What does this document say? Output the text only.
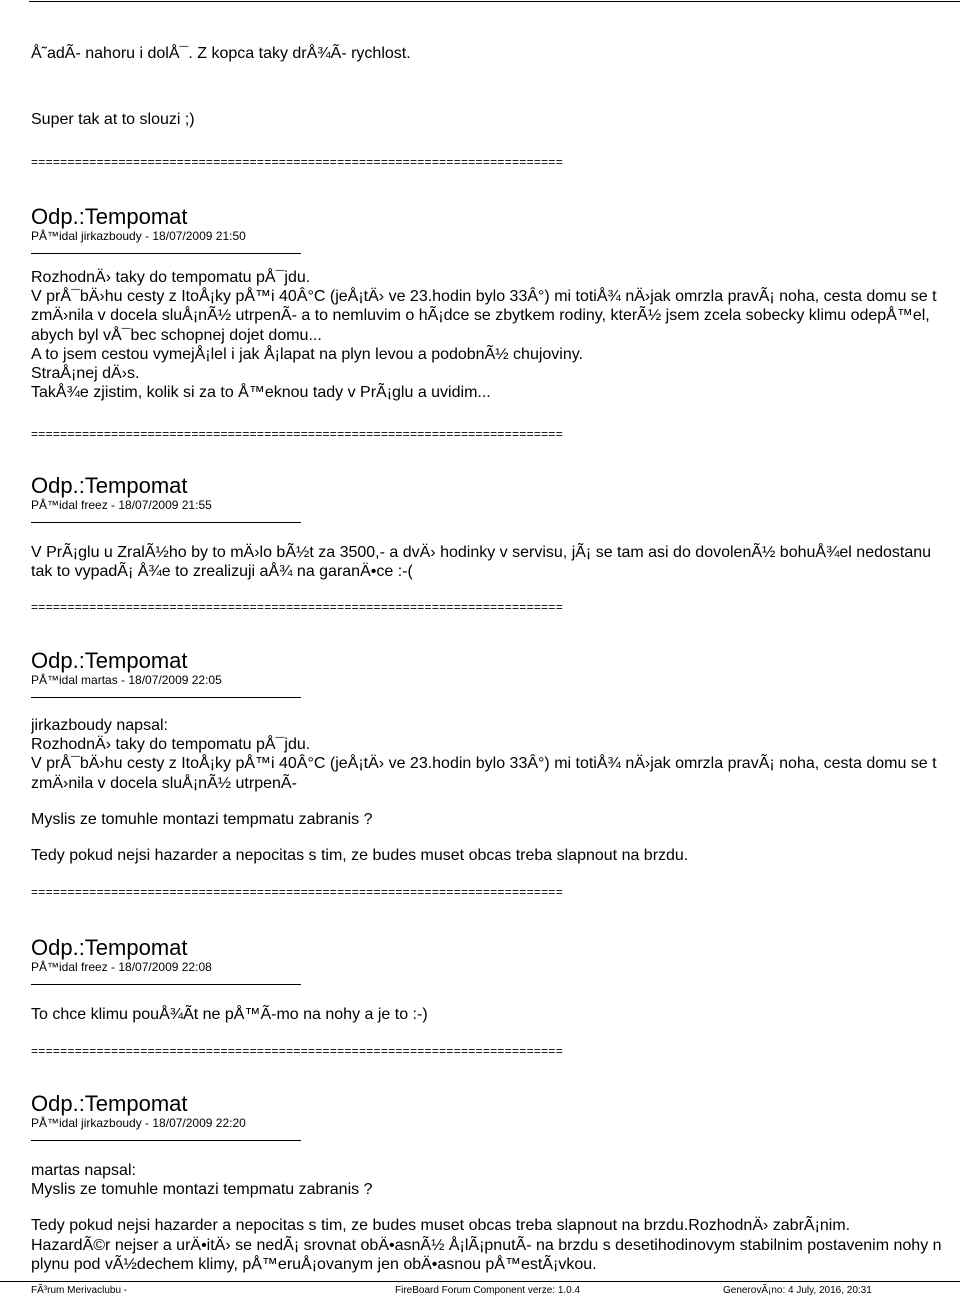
Å˜adÃ- nahoru i dolÅ¯. Z kopca taky drÅ¾Ã- rychlost.
Super tak at to slouzi ;)
=========================================================================
Odp.:Tempomat
PÅ™idal jirkazboudy - 18/07/2009 21:50
RozhodnÄ› taky do tempomatu pÅ¯jdu.
V prÅ¯bÄ›hu cesty z ItoÅ¡ky pÅ™i 40Â°C (jeÅ¡tÄ› ve 23.hodin bylo 33Â°) mi totiÅ¾ nÄ›jak omrzla pravÃ¡ noha, cesta domu se t
zmÄ›nila v docela sluÅ¡nÃ½ utrpenÃ- a to nemluvim o hÃ¡dce se zbytkem rodiny, kterÃ½ jsem zcela sobecky klimu odepÅ™el,
abych byl vÅ¯bec schopnej dojet domu...
A to jsem cestou vymejÅ¡lel i jak Å¡lapat na plyn levou a podobnÃ½ chujoviny.
StraÅ¡nej dÄ›s.
TakÅ¾e zjistim, kolik si za to Å™eknou tady v PrÃ¡glu a uvidim...
=========================================================================
Odp.:Tempomat
PÅ™idal freez - 18/07/2009 21:55
V PrÃ¡glu u ZralÃ½ho by to mÄ›lo bÃ½t za 3500,- a dvÄ› hodinky v servisu, jÃ¡ se tam asi do dovolenÃ½ bohuÅ¾el nedostanu
tak to vypadÃ¡ Å¾e to zrealizuji aÅ¾ na garanÄ•ce :-(
=========================================================================
Odp.:Tempomat
PÅ™idal martas - 18/07/2009 22:05
jirkazboudy napsal:
RozhodnÄ› taky do tempomatu pÅ¯jdu.
V prÅ¯bÄ›hu cesty z ItoÅ¡ky pÅ™i 40Â°C (jeÅ¡tÄ› ve 23.hodin bylo 33Â°) mi totiÅ¾ nÄ›jak omrzla pravÃ¡ noha, cesta domu se t
zmÄ›nila v docela sluÅ¡nÃ½ utrpenÃ-
Myslis ze tomuhle montazi tempmatu zabranis ?
Tedy pokud nejsi hazarder a nepocitas s tim, ze budes muset obcas treba slapnout na brzdu.
=========================================================================
Odp.:Tempomat
PÅ™idal freez - 18/07/2009 22:08
To chce klimu pouÅ¾Ãt ne pÅ™Ã-mo na nohy a je to :-)
=========================================================================
Odp.:Tempomat
PÅ™idal jirkazboudy - 18/07/2009 22:20
martas napsal:
Myslis ze tomuhle montazi tempmatu zabranis ?
Tedy pokud nejsi hazarder a nepocitas s tim, ze budes muset obcas treba slapnout na brzdu.RozhodnÄ› zabrÃ¡nim.
HazardÃ©r nejser a urÄ•itÄ› se nedÃ¡ srovnat obÄ•asnÃ½ Å¡lÃ¡pnutÃ- na brzdu s desetihodinovym stabilnim postavenim nohy n
plynu pod vÃ½dechem klimy, pÅ™eruÅ¡ovanym jen obÄ•asnou pÅ™estÃ¡vkou.
FÃ³rum Merivaclubu -	FireBoard Forum Component verze: 1.0.4	GenerovÃ¡no: 4 July, 2016, 20:31
